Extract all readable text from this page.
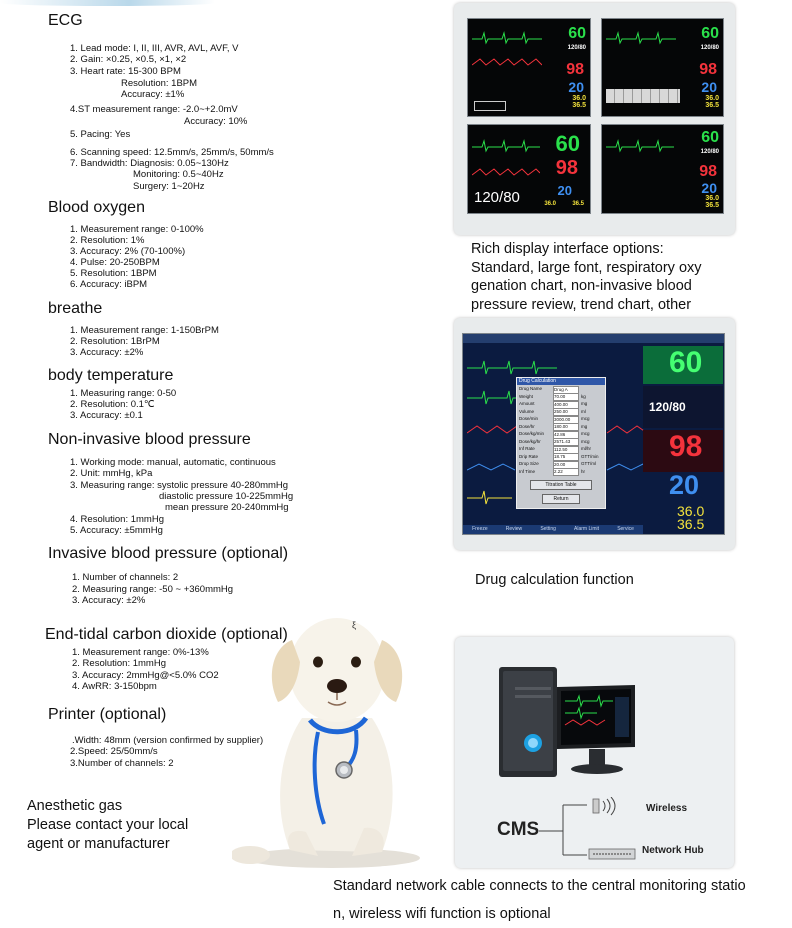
ECG
1. Lead mode: I, II, III, AVR, AVL, AVF, V
2. Gain: ×0.25, ×0.5, ×1, ×2
3. Heart rate: 15-300 BPM
Resolution: 1BPM
Accuracy: ±1%
4.ST measurement range: -2.0~+2.0mV
Accuracy: 10%
5. Pacing: Yes
6. Scanning speed: 12.5mm/s, 25mm/s, 50mm/s
7. Bandwidth: Diagnosis: 0.05~130Hz
Monitoring: 0.5~40Hz
Surgery: 1~20Hz
Blood oxygen
1. Measurement range: 0-100%
2. Resolution: 1%
3. Accuracy: 2% (70-100%)
4. Pulse: 20-250BPM
5. Resolution: 1BPM
6. Accuracy: iBPM
breathe
1. Measurement range: 1-150BrPM
2. Resolution: 1BrPM
3. Accuracy: ±2%
body temperature
1. Measuring range: 0-50
2. Resolution: 0.1℃
3. Accuracy: ±0.1
Non-invasive blood pressure
1. Working mode: manual, automatic, continuous
2. Unit: mmHg, kPa
3. Measuring range: systolic pressure 40-280mmHg
diastolic pressure 10-225mmHg
mean pressure 20-240mmHg
4. Resolution: 1mmHg
5. Accuracy: ±5mmHg
Invasive blood pressure (optional)
1. Number of channels: 2
2. Measuring range: -50 ~ +360mmHg
3. Accuracy: ±2%
End-tidal carbon dioxide (optional)
1. Measurement range: 0%-13%
2. Resolution: 1mmHg
3. Accuracy: 2mmHg@<5.0% CO2
4. AwRR: 3-150bpm
Printer (optional)
.Width: 48mm (version confirmed by supplier)
2.Speed: 25/50mm/s
3.Number of channels: 2
Anesthetic gas
Please contact your local
agent or manufacturer
ξ
60
120/80
98
20
36.0
36.5
60
120/80
98
20
36.0
36.5
120/80
60
98
20
36.0	36.5
60
120/80
98
20
36.0
36.5
Rich display interface options:
Standard, large font, respiratory oxy
genation chart, non-invasive blood
pressure review, trend chart, other
Drug Calculation
Drug Name	Drug A
Weight	70.00	kg
Amount	400.00	mg
Volume	250.00	ml
Dose/min	3000.00	mcg
Dose/hr	180.00	mg
Dose/kg/min	42.86	mcg
Dose/kg/hr	2571.43	mcg
Inf Rate	112.50	ml/hr
Drip Rate	18.75	GTT/min
Drop Size	20.00	GTT/ml
Inf Time	2.22	hr
Titration Table
Return
60
120/80
98
20
36.0
36.5
Freeze	Review	Setting	Alarm Limit	Service
Drug calculation function
CMS
Wireless
Network Hub
Standard network cable connects to the central monitoring statio
n, wireless wifi function is optional
